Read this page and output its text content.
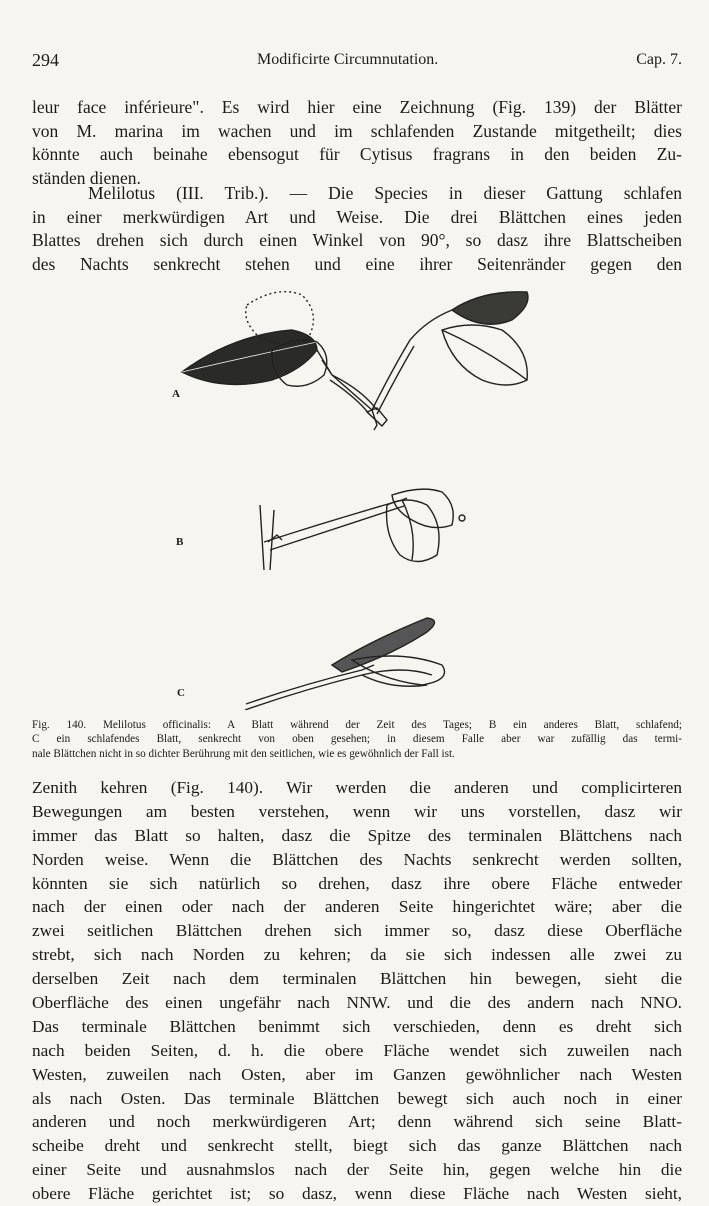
294	Modificirte Circumnutation.	Cap. 7.
leur face inférieure". Es wird hier eine Zeichnung (Fig. 139) der Blätter
von M. marina im wachen und im schlafenden Zustande mitgetheilt; dies
könnte auch beinahe ebensogut für Cytisus fragrans in den beiden Zu-
ständen dienen.
Melilotus (III. Trib.). — Die Species in dieser Gattung schlafen
in einer merkwürdigen Art und Weise. Die drei Blättchen eines jeden
Blattes drehen sich durch einen Winkel von 90°, so dasz ihre Blattscheiben
des Nachts senkrecht stehen und eine ihrer Seitenränder gegen den
A
B
C
Fig. 140. Melilotus officinalis: A Blatt während der Zeit des Tages; B ein anderes Blatt, schlafend;
C ein schlafendes Blatt, senkrecht von oben gesehen; in diesem Falle aber war zufällig das termi-
nale Blättchen nicht in so dichter Berührung mit den seitlichen, wie es gewöhnlich der Fall ist.
Zenith kehren (Fig. 140). Wir werden die anderen und complicirteren
Bewegungen am besten verstehen, wenn wir uns vorstellen, dasz wir
immer das Blatt so halten, dasz die Spitze des terminalen Blättchens nach
Norden weise. Wenn die Blättchen des Nachts senkrecht werden sollten,
könnten sie sich natürlich so drehen, dasz ihre obere Fläche entweder
nach der einen oder nach der anderen Seite hingerichtet wäre; aber die
zwei seitlichen Blättchen drehen sich immer so, dasz diese Oberfläche
strebt, sich nach Norden zu kehren; da sie sich indessen alle zwei zu
derselben Zeit nach dem terminalen Blättchen hin bewegen, sieht die
Oberfläche des einen ungefähr nach NNW. und die des andern nach NNO.
Das terminale Blättchen benimmt sich verschieden, denn es dreht sich
nach beiden Seiten, d. h. die obere Fläche wendet sich zuweilen nach
Westen, zuweilen nach Osten, aber im Ganzen gewöhnlicher nach Westen
als nach Osten. Das terminale Blättchen bewegt sich auch noch in einer
anderen und noch merkwürdigeren Art; denn während sich seine Blatt-
scheibe dreht und senkrecht stellt, biegt sich das ganze Blättchen nach
einer Seite und ausnahmslos nach der Seite hin, gegen welche hin die
obere Fläche gerichtet ist; so dasz, wenn diese Fläche nach Westen sieht,
